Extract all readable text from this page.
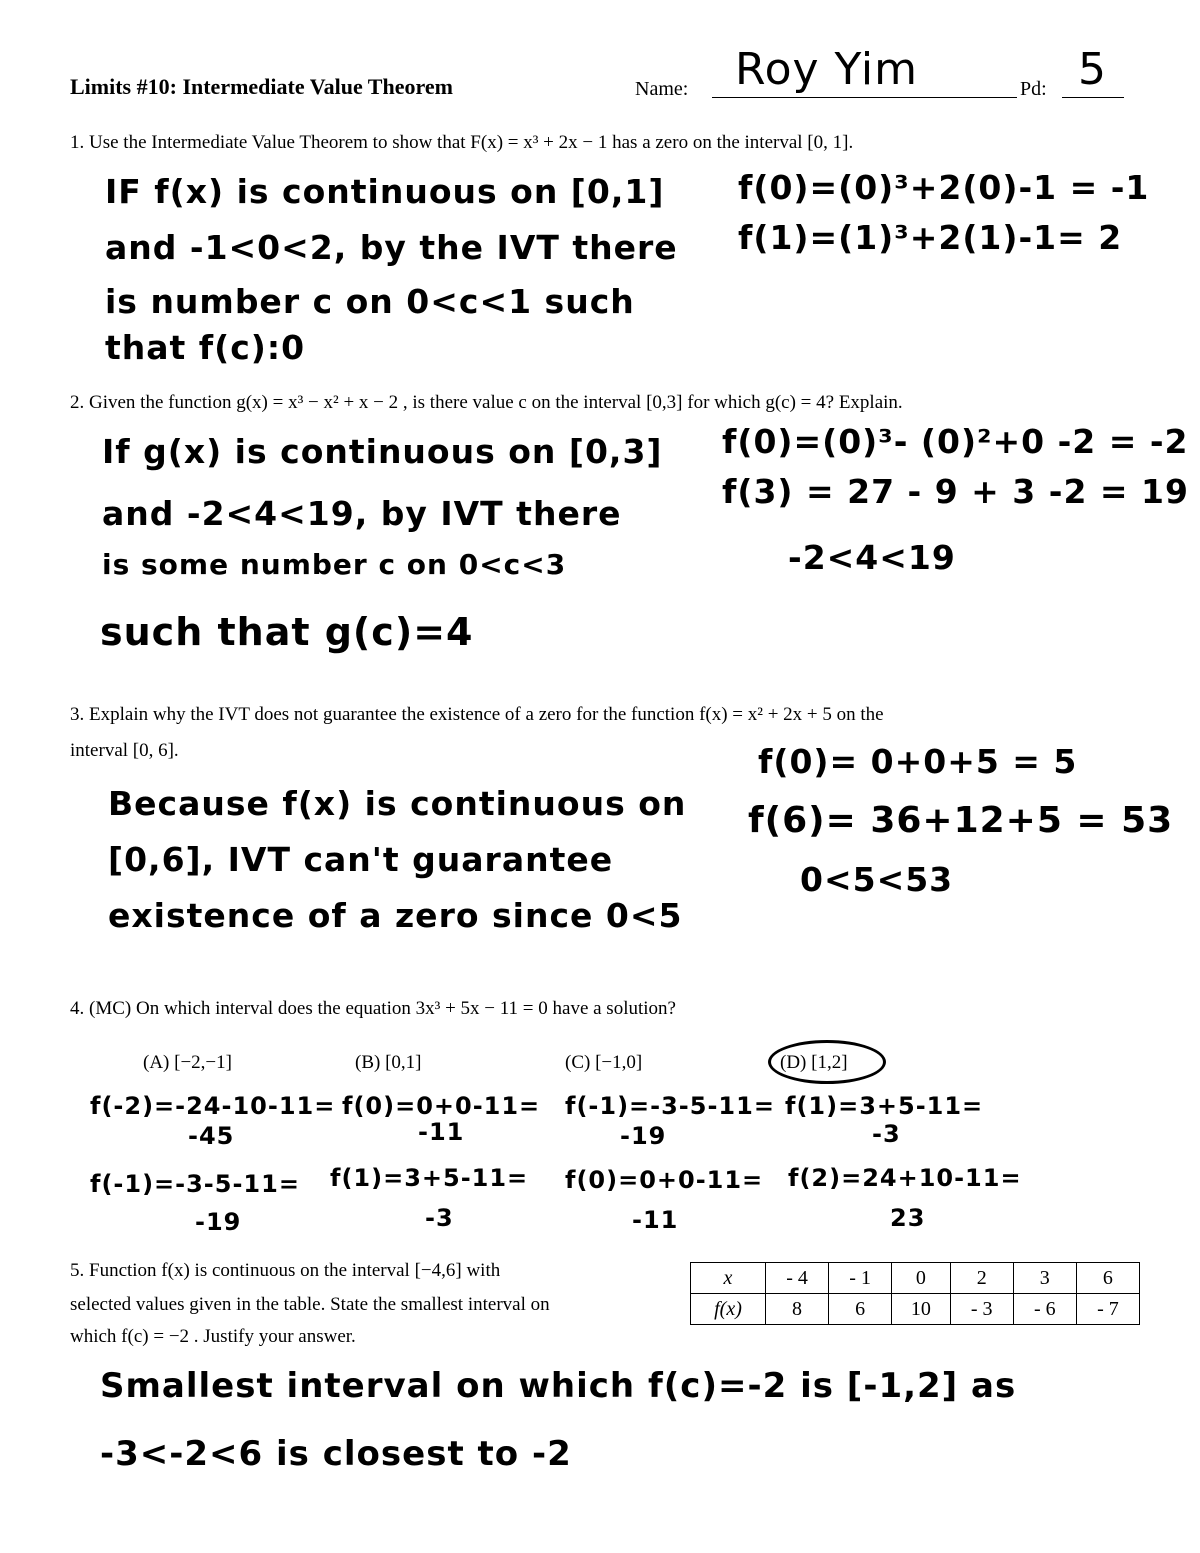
Limits #10: Intermediate Value Theorem	Name: Roy Yim	Pd: 5
1. Use the Intermediate Value Theorem to show that F(x) = x³ + 2x − 1 has a zero on the interval [0, 1].
IF f(x) is continuous on [0,1]
and -1<0<2, by the IVT there
is number c on 0<c<1 such
that f(c):0
f(0)=(0)³+2(0)-1 = -1
f(1)=(1)³+2(1)-1= 2
2. Given the function g(x) = x³ − x² + x − 2 , is there value c on the interval [0,3] for which g(c) = 4? Explain.
If g(x) is continuous on [0,3]
and -2<4<19, by IVT there
is some number c on 0<c<3
such that g(c)=4
f(0)=(0)³- (0)²+0 -2 = -2
f(3) = 27 - 9 + 3 -2 = 19
-2<4<19
3. Explain why the IVT does not guarantee the existence of a zero for the function f(x) = x² + 2x + 5 on the
interval [0, 6].
Because f(x) is continuous on
[0,6], IVT can't guarantee
existence of a zero since 0<5
f(0)= 0+0+5 = 5
f(6)= 36+12+5 = 53
0<5<53
4. (MC) On which interval does the equation 3x³ + 5x − 11 = 0 have a solution?
(A) [−2,−1]	(B) [0,1]	(C) [−1,0]	(D) [1,2]
f(-2)=-24-10-11=
-45
f(-1)=-3-5-11=
-19
f(0)=0+0-11=
-11
f(1)=3+5-11=
-3
f(-1)=-3-5-11=
-19
f(0)=0+0-11=
-11
f(1)=3+5-11=
-3
f(2)=24+10-11=
23
5. Function f(x) is continuous on the interval [−4,6] with
selected values given in the table. State the smallest interval on
which f(c) = −2 . Justify your answer.
x	- 4	- 1	0	2	3	6
f(x)	8	6	10	- 3	- 6	- 7
Smallest interval on which f(c)=-2 is [-1,2] as
-3<-2<6 is closest to -2
